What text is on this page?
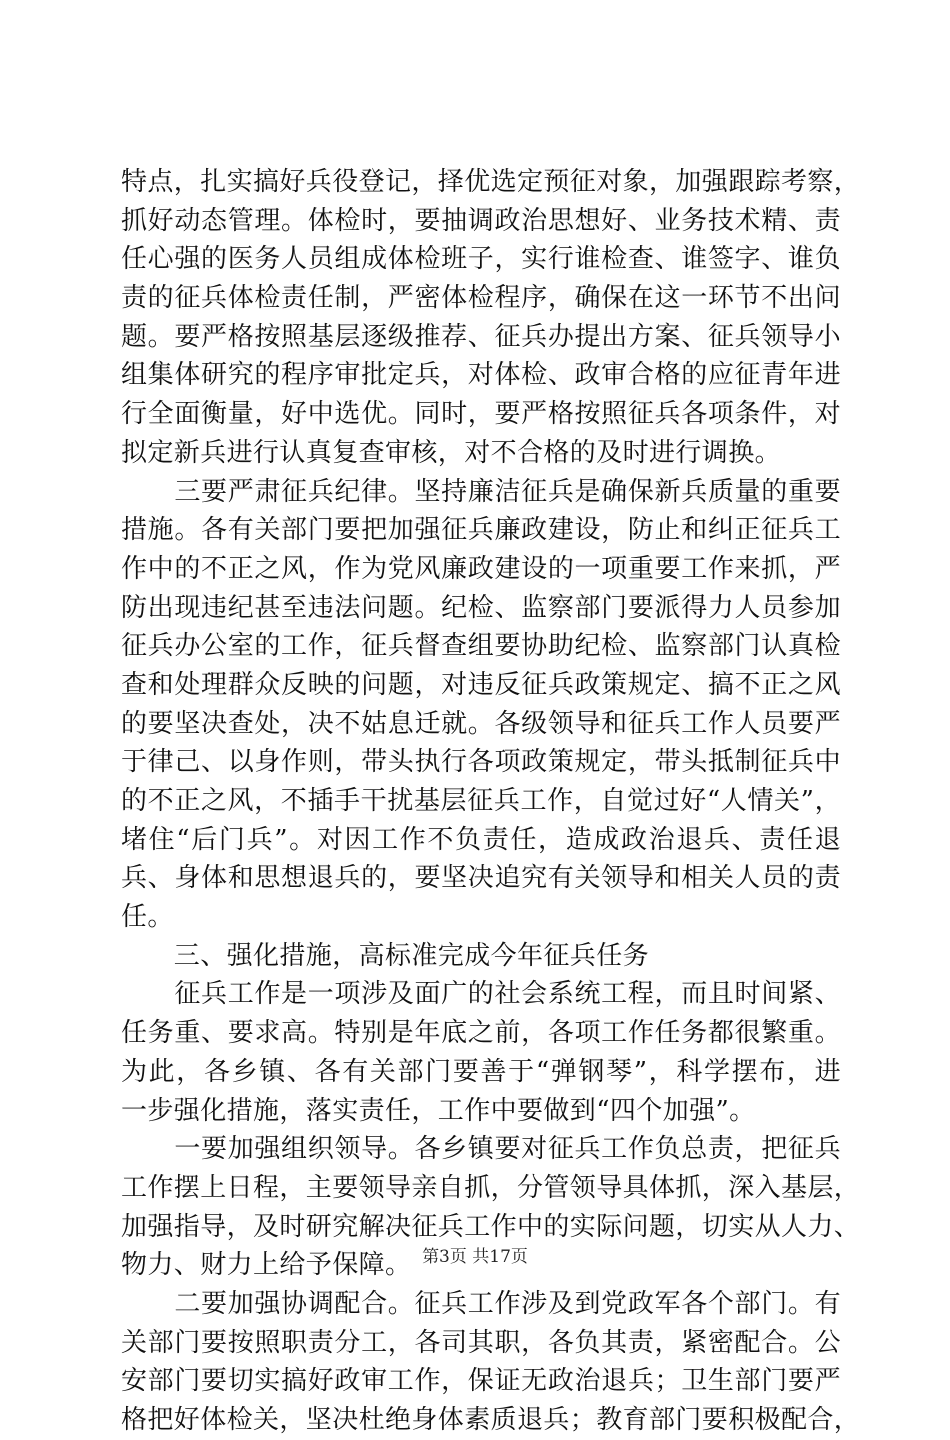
特点，扎实搞好兵役登记，择优选定预征对象，加强跟踪考察，
抓好动态管理。体检时，要抽调政治思想好、业务技术精、责
任心强的医务人员组成体检班子，实行谁检查、谁签字、谁负
责的征兵体检责任制，严密体检程序，确保在这一环节不出问
题。要严格按照基层逐级推荐、征兵办提出方案、征兵领导小
组集体研究的程序审批定兵，对体检、政审合格的应征青年进
行全面衡量，好中选优。同时，要严格按照征兵各项条件，对
拟定新兵进行认真复查审核，对不合格的及时进行调换。
　　三要严肃征兵纪律。坚持廉洁征兵是确保新兵质量的重要
措施。各有关部门要把加强征兵廉政建设，防止和纠正征兵工
作中的不正之风，作为党风廉政建设的一项重要工作来抓，严
防出现违纪甚至违法问题。纪检、监察部门要派得力人员参加
征兵办公室的工作，征兵督查组要协助纪检、监察部门认真检
查和处理群众反映的问题，对违反征兵政策规定、搞不正之风
的要坚决查处，决不姑息迁就。各级领导和征兵工作人员要严
于律己、以身作则，带头执行各项政策规定，带头抵制征兵中
的不正之风，不插手干扰基层征兵工作，自觉过好“人情关”，
堵住“后门兵”。对因工作不负责任，造成政治退兵、责任退
兵、身体和思想退兵的，要坚决追究有关领导和相关人员的责
任。
　　三、强化措施，高标准完成今年征兵任务
　　征兵工作是一项涉及面广的社会系统工程，而且时间紧、
任务重、要求高。特别是年底之前，各项工作任务都很繁重。
为此，各乡镇、各有关部门要善于“弹钢琴”，科学摆布，进
一步强化措施，落实责任，工作中要做到“四个加强”。
　　一要加强组织领导。各乡镇要对征兵工作负总责，把征兵
工作摆上日程，主要领导亲自抓，分管领导具体抓，深入基层，
加强指导，及时研究解决征兵工作中的实际问题，切实从人力、
物力、财力上给予保障。
　　二要加强协调配合。征兵工作涉及到党政军各个部门。有
关部门要按照职责分工，各司其职，各负其责，紧密配合。公
安部门要切实搞好政审工作，保证无政治退兵；卫生部门要严
格把好体检关，坚决杜绝身体素质退兵；教育部门要积极配合，
第3页 共17页
